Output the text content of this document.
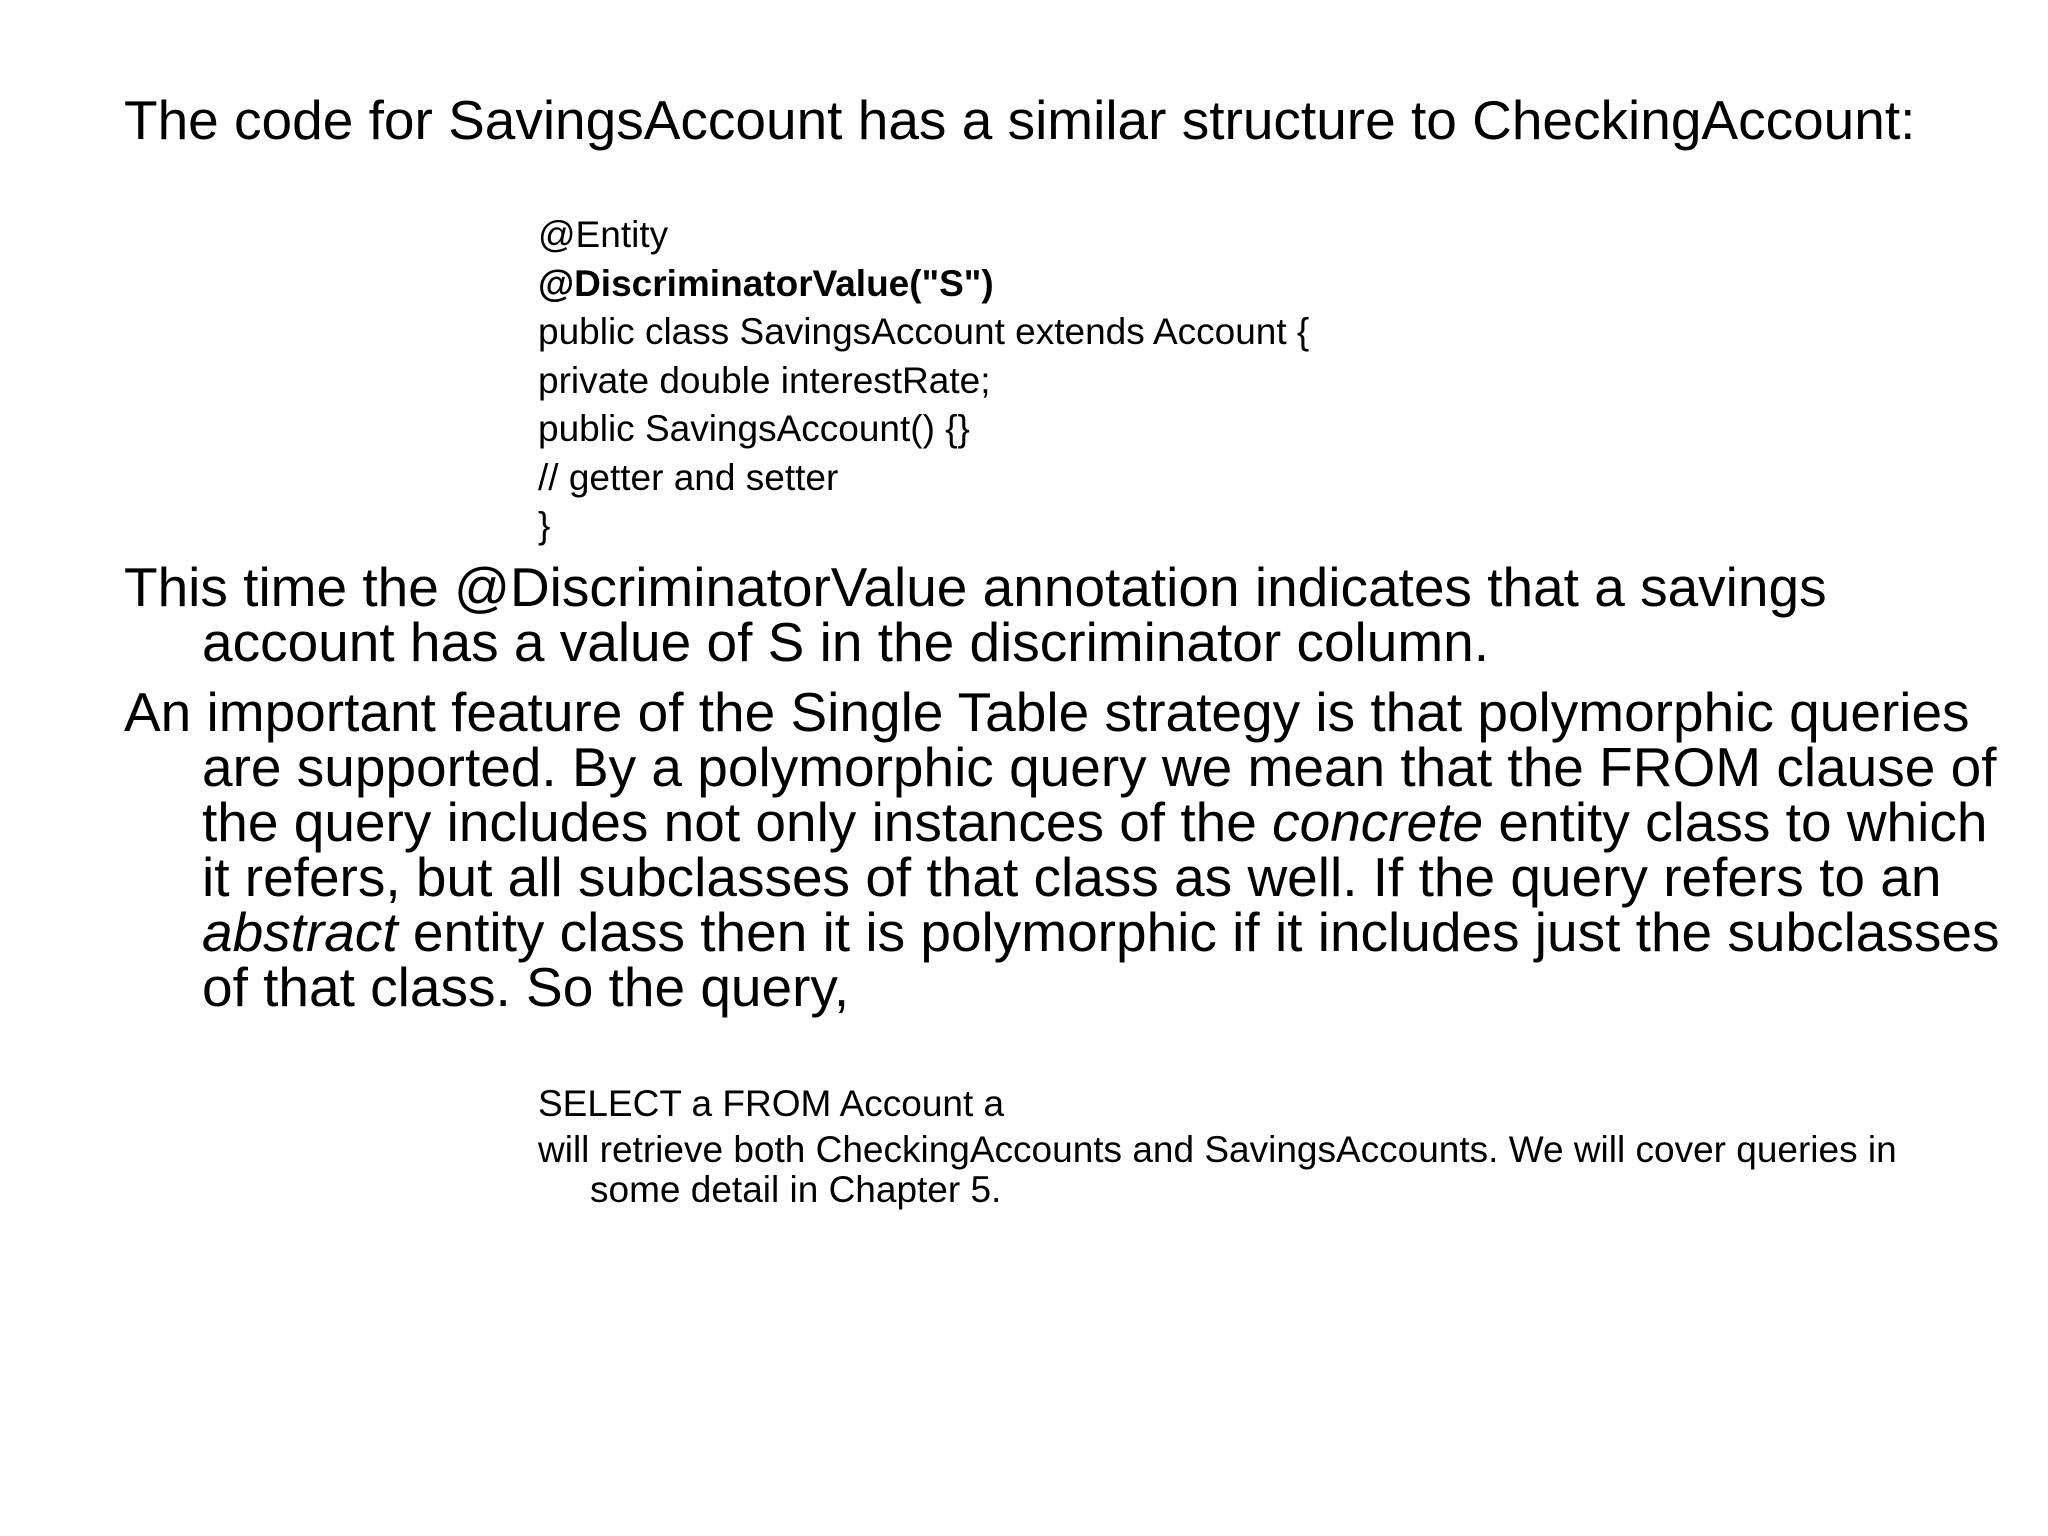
The code for SavingsAccount has a similar structure to CheckingAccount:

@Entity
@DiscriminatorValue("S")
public class SavingsAccount extends Account {
private double interestRate;
public SavingsAccount() {}
// getter and setter
}

This time the @DiscriminatorValue annotation indicates that a savings account has a value of S in the discriminator column.

An important feature of the Single Table strategy is that polymorphic queries are supported. By a polymorphic query we mean that the FROM clause of the query includes not only instances of the concrete entity class to which it refers, but all subclasses of that class as well. If the query refers to an abstract entity class then it is polymorphic if it includes just the subclasses of that class. So the query,

SELECT a FROM Account a

will retrieve both CheckingAccounts and SavingsAccounts. We will cover queries in some detail in Chapter 5.
